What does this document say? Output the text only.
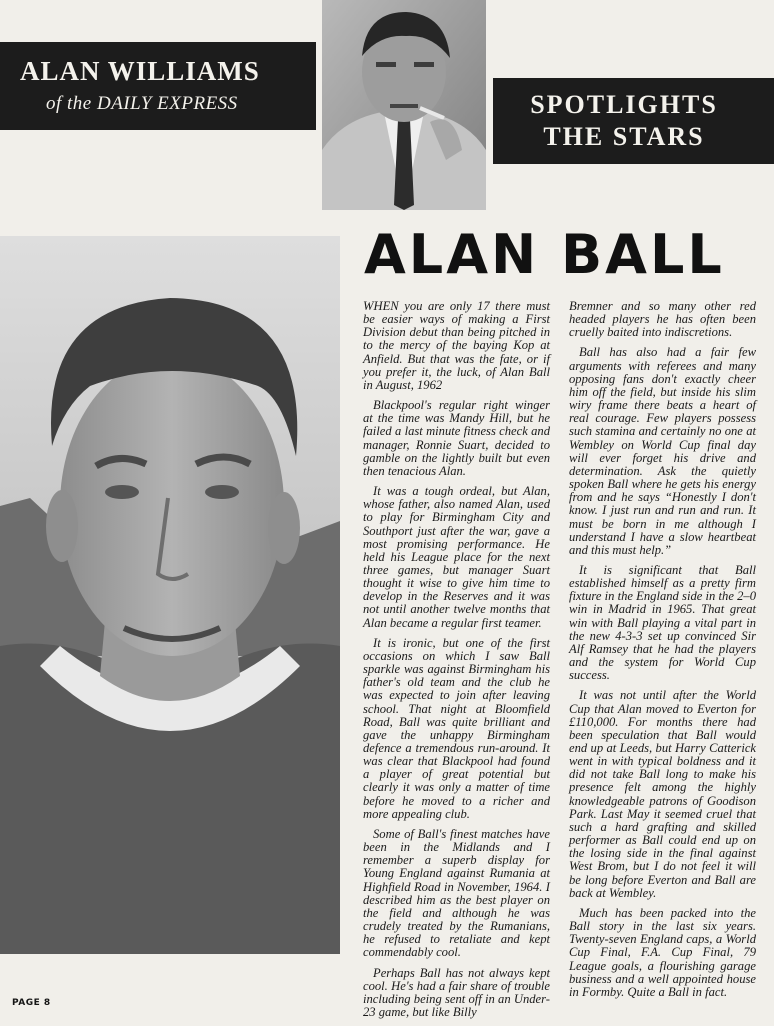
ALAN WILLIAMS
of the DAILY EXPRESS	SPOTLIGHTS
THE STARS
ALAN BALL

WHEN you are only 17 there must be easier ways of making a First Division debut than being pitched in to the mercy of the baying Kop at Anfield. But that was the fate, or if you prefer it, the luck, of Alan Ball in August, 1962

Blackpool's regular right winger at the time was Mandy Hill, but he failed a last minute fitness check and manager, Ronnie Suart, decided to gamble on the lightly built but even then tenacious Alan.

It was a tough ordeal, but Alan, whose father, also named Alan, used to play for Birmingham City and Southport just after the war, gave a most promising performance. He held his League place for the next three games, but manager Suart thought it wise to give him time to develop in the Reserves and it was not until another twelve months that Alan became a regular first teamer.

It is ironic, but one of the first occasions on which I saw Ball sparkle was against Birmingham his father's old team and the club he was expected to join after leaving school. That night at Bloomfield Road, Ball was quite brilliant and gave the unhappy Birmingham defence a tremendous run-around. It was clear that Blackpool had found a player of great potential but clearly it was only a matter of time before he moved to a richer and more appealing club.

Some of Ball's finest matches have been in the Midlands and I remember a superb display for Young England against Rumania at Highfield Road in November, 1964. I described him as the best player on the field and although he was crudely treated by the Rumanians, he refused to retaliate and kept commendably cool.

Perhaps Ball has not always kept cool. He's had a fair share of trouble including being sent off in an Under-23 game, but like Billy

Bremner and so many other red headed players he has often been cruelly baited into indiscretions.

Ball has also had a fair few arguments with referees and many opposing fans don't exactly cheer him off the field, but inside his slim wiry frame there beats a heart of real courage. Few players possess such stamina and certainly no one at Wembley on World Cup final day will ever forget his drive and determination. Ask the quietly spoken Ball where he gets his energy from and he says “Honestly I don't know. I just run and run and run. It must be born in me although I understand I have a slow heartbeat and this must help.”

It is significant that Ball established himself as a pretty firm fixture in the England side in the 2–0 win in Madrid in 1965. That great win with Ball playing a vital part in the new 4-3-3 set up convinced Sir Alf Ramsey that he had the players and the system for World Cup success.

It was not until after the World Cup that Alan moved to Everton for £110,000. For months there had been speculation that Ball would end up at Leeds, but Harry Catterick went in with typical boldness and it did not take Ball long to make his presence felt among the highly knowledgeable patrons of Goodison Park. Last May it seemed cruel that such a hard grafting and skilled performer as Ball could end up on the losing side in the final against West Brom, but I do not feel it will be long before Everton and Ball are back at Wembley.

Much has been packed into the Ball story in the last six years. Twenty-seven England caps, a World Cup Final, F.A. Cup Final, 79 League goals, a flourishing garage business and a well appointed house in Formby. Quite a Ball in fact.

PAGE 8
